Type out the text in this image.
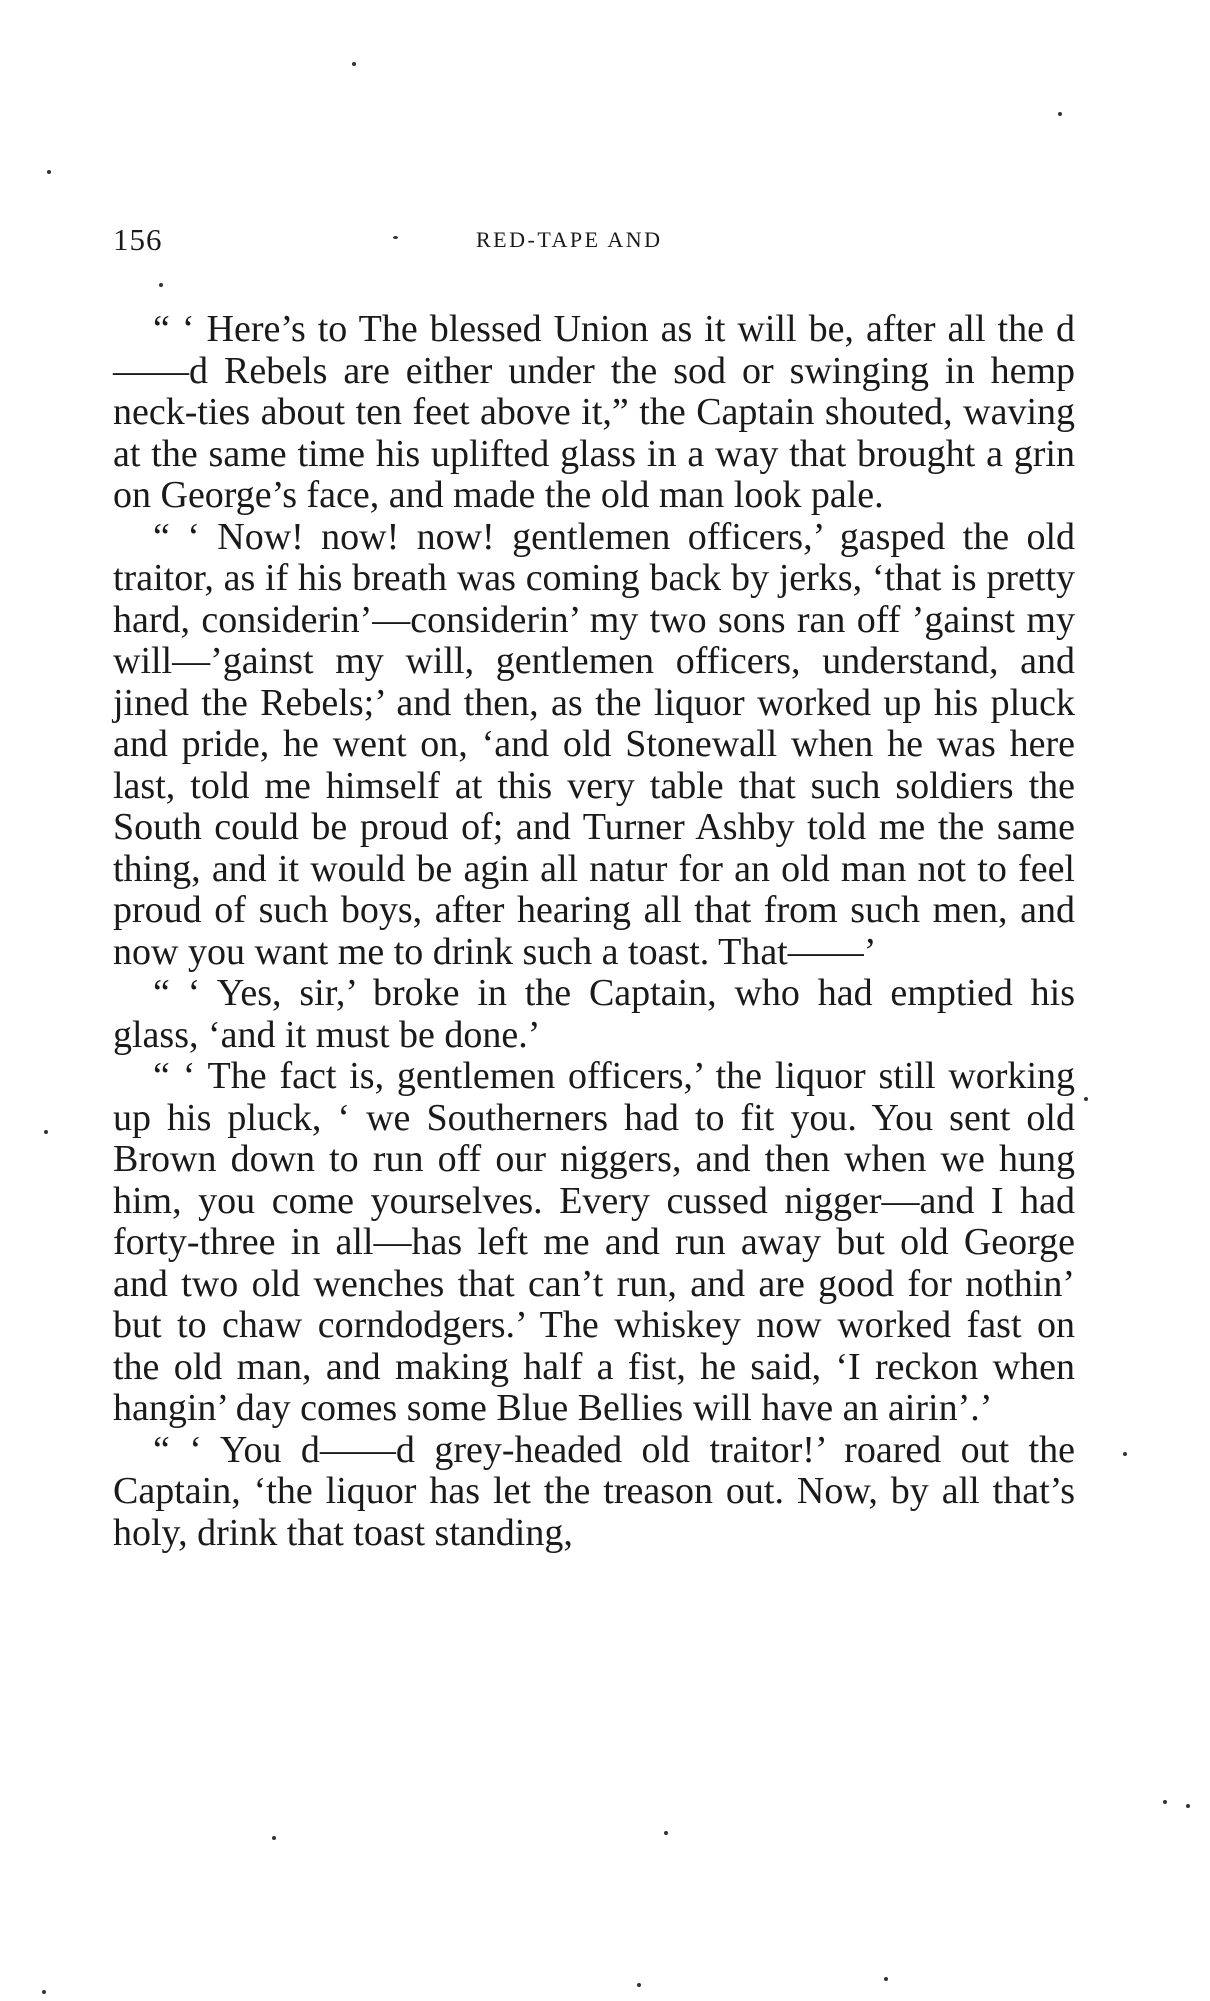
156	RED-TAPE AND

“ ‘ Here’s to The blessed Union as it will be, after all the d——d Rebels are either under the sod or swinging in hemp neck-ties about ten feet above it,” the Captain shouted, waving at the same time his uplifted glass in a way that brought a grin on George’s face, and made the old man look pale.

“ ‘ Now! now! now! gentlemen officers,’ gasped the old traitor, as if his breath was coming back by jerks, ‘that is pretty hard, considerin’—considerin’ my two sons ran off ’gainst my will—’gainst my will, gentlemen officers, understand, and jined the Rebels;’ and then, as the liquor worked up his pluck and pride, he went on, ‘and old Stonewall when he was here last, told me himself at this very table that such soldiers the South could be proud of; and Turner Ashby told me the same thing, and it would be agin all natur for an old man not to feel proud of such boys, after hearing all that from such men, and now you want me to drink such a toast. That——’

“ ‘ Yes, sir,’ broke in the Captain, who had emptied his glass, ‘and it must be done.’

“ ‘ The fact is, gentlemen officers,’ the liquor still working up his pluck, ‘ we Southerners had to fit you. You sent old Brown down to run off our niggers, and then when we hung him, you come yourselves. Every cussed nigger—and I had forty-three in all—has left me and run away but old George and two old wenches that can’t run, and are good for nothin’ but to chaw corndodgers.’ The whiskey now worked fast on the old man, and making half a fist, he said, ‘I reckon when hangin’ day comes some Blue Bellies will have an airin’.’

“ ‘ You d——d grey-headed old traitor!’ roared out the Captain, ‘the liquor has let the treason out. Now, by all that’s holy, drink that toast standing,
